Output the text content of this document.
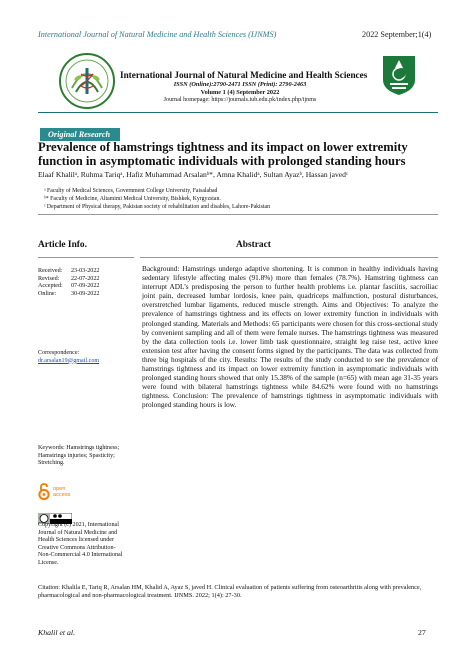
International Journal of Natural Medicine and Health Sciences (IJNMS)	2022 September;1(4)
International Journal of Natural Medicine and Health Sciences
ISSN (Online):2790-2471 ISSN (Print): 2790-2463
Volume 1 (4) September 2022
Journal homepage: https://journals.iub.edu.pk/index.php/ijnms
Original Research
Prevalence of hamstrings tightness and its impact on lower extremity function in asymptomatic individuals with prolonged standing hours
Elaaf Khalilᵃ, Ruhma Tariqᵃ, Hafiz Muhammad Arsalanᵇ*, Amna Khalidᵃ, Sultan Ayazᵇ, Hassan javedᶜ
ᵃ Faculty of Medical Sciences, Government College University, Faisalabad
ᵇ* Faculty of Medicine, Altamimi Medical University, Bishkek, Kyrgyzstan.
ᶜ Department of Physical therapy, Pakistan society of rehabilitation and disables, Lahore-Pakistan
Article Info.	Abstract
Received: 23-03-2022
Revised: 22-07-2022
Accepted: 07-09-2022
Online: 30-09-2022
Correspondence:
dr.arsalan19@gmail.com
Keywords: Hamstrings tightness; Hamstrings injuries; Spasticity; Stretching.
open
access
Copyright (c) 2021, International Journal of Natural Medicine and Health Sciences licensed under Creative Commons Attribution-Non-Commercial 4.0 International License.
Background: Hamstrings undergo adaptive shortening. It is common in healthy individuals having sedentary lifestyle affecting males (91.8%) more than females (78.7%). Hamstring tightness can interrupt ADL’s predisposing the person to further health problems i.e. plantar fasciitis, sacroiliac joint pain, decreased lumbar lordosis, knee pain, quadriceps malfunction, postural disturbances, overstretched lumbar ligaments, reduced muscle strength. Aims and Objectives: To analyze the prevalence of hamstrings tightness and its effects on lower extremity function in individuals with prolonged standing. Materials and Methods: 65 participants were chosen for this cross-sectional study by convenient sampling and all of them were female nurses. The hamstrings tightness was measured by the data collection tools i.e. lower limb task questionnaire, straight leg raise test, active knee extension test after having the consent forms signed by the participants. The data was collected from three big hospitals of the city. Results: The results of the study conducted to see the prevalence of hamstrings tightness and its impact on lower extremity function in asymptomatic individuals with prolonged standing hours showed that only 15.38% of the sample (n=65) with mean age 31-35 years were found with bilateral hamstrings tightness while 84.62% were found with no hamstrings tightness. Conclusion: The prevalence of hamstrings tightness in asymptomatic individuals with prolonged standing hours is low.
Citation: Khalila E, Tariq R, Arsalan HM, Khalid A, Ayaz S, javed H. Clinical evaluation of patients suffering from osteoarthritis along with prevalence, pharmacological and non-pharmacological treatment. IJNMS. 2022; 1(4): 27-30.
Khalil et al.	27
